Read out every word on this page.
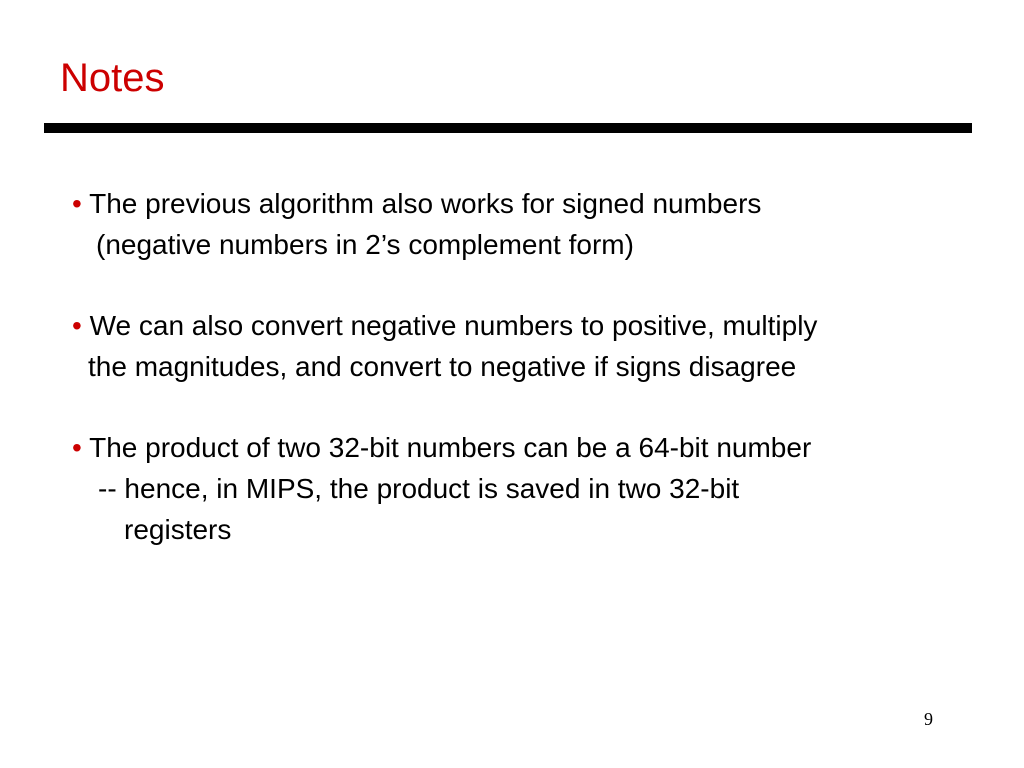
Notes
• The previous algorithm also works for signed numbers
(negative numbers in 2’s complement form)
• We can also convert negative numbers to positive, multiply
the magnitudes, and convert to negative if signs disagree
• The product of two 32-bit numbers can be a 64-bit number
-- hence, in MIPS, the product is saved in two 32-bit
registers
9
